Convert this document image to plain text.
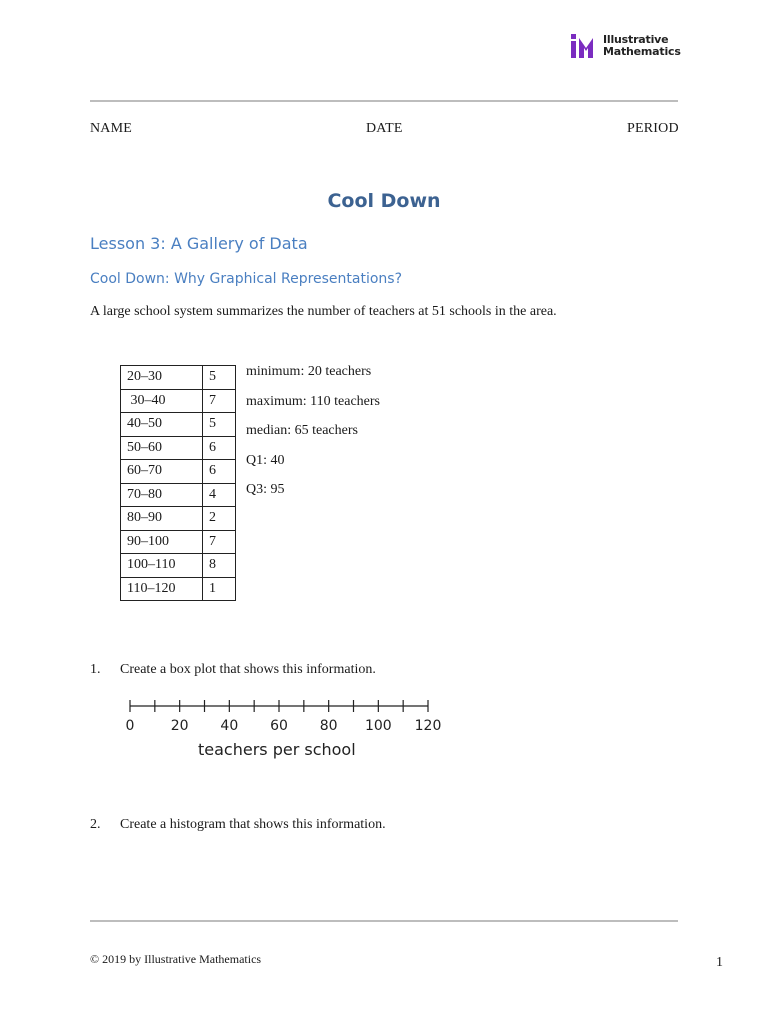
Illustrative
Mathematics
NAME	DATE	PERIOD
Cool Down
Lesson 3: A Gallery of Data
Cool Down: Why Graphical Representations?
A large school system summarizes the number of teachers at 51 schools in the area.
20–30	5
30–40	7
40–50	5
50–60	6
60–70	6
70–80	4
80–90	2
90–100	7
100–110	8
110–120	1
minimum: 20 teachers
maximum: 110 teachers
median: 65 teachers
Q1: 40
Q3: 95
1. Create a box plot that shows this information.
0	20 40 60 80 100 120
teachers per school
2. Create a histogram that shows this information.
© 2019 by Illustrative Mathematics	1
